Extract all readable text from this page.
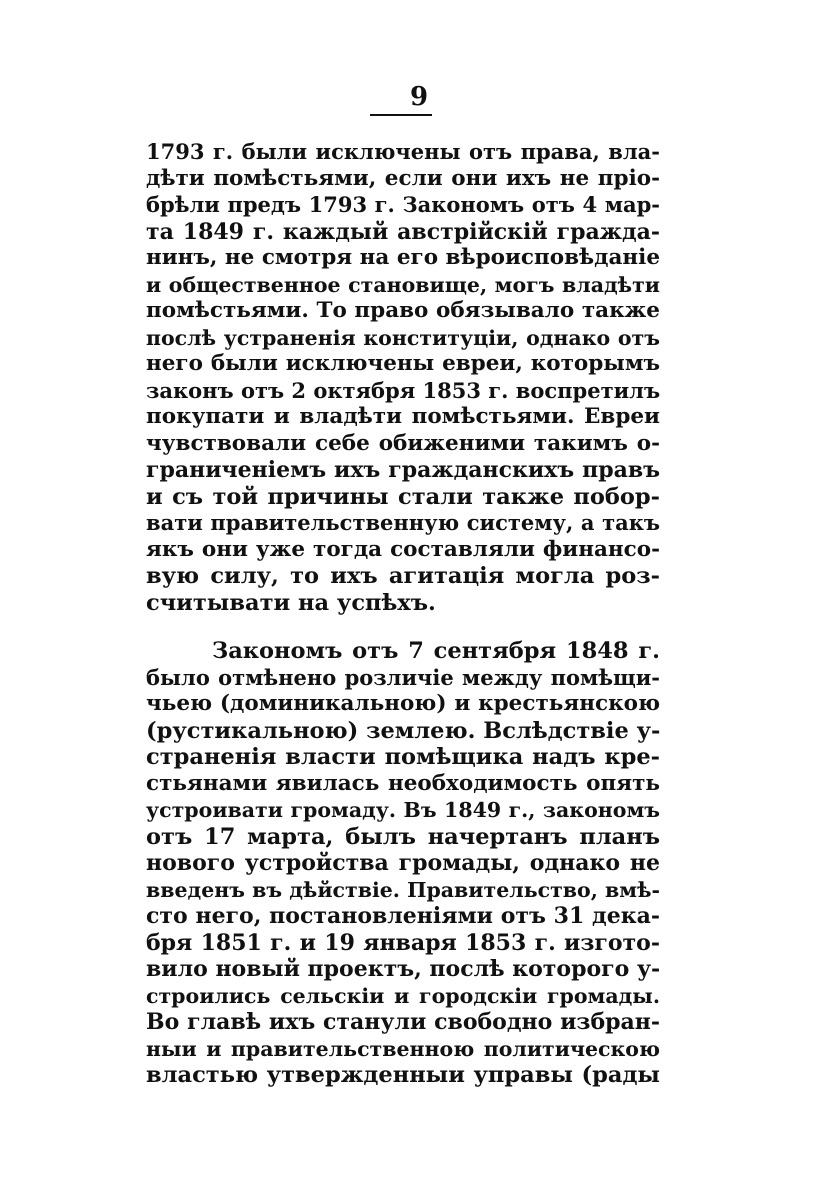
9
1793 г. были исключены отъ права, вла-
дѣти помѣстьями, если они ихъ не прiо-
брѣли предъ 1793 г. Закономъ отъ 4 мар-
та 1849 г. каждый австрiйскiй гражда-
нинъ, не смотря на его вѣроисповѣданiе
и общественное становище, могъ владѣти
помѣстьями. То право обязывало также
послѣ устраненiя конституцiи, однако отъ
него были исключены евреи, которымъ
законъ отъ 2 октября 1853 г. воспретилъ
покупати и владѣти помѣстьями. Евреи
чувствовали себе обиженими такимъ о-
граниченiемъ ихъ гражданскихъ правъ
и съ той причины стали также побор-
вати правительственную систему, а такъ
якъ они уже тогда составляли финансо-
вую силу, то ихъ агитацiя могла роз-
считывати на успѣхъ.
Закономъ отъ 7 сентября 1848 г.
было отмѣнено розличiе между помѣщи-
чьею (доминикальною) и крестьянскою
(рустикальною) землею. Вслѣдствiе у-
страненiя власти помѣщика надъ кре-
стьянами явилась необходимость опять
устроивати громаду. Въ 1849 г., закономъ
отъ 17 марта, былъ начертанъ планъ
нового устройства громады, однако не
введенъ въ дѣйствiе. Правительство, вмѣ-
сто него, постановленiями отъ 31 дека-
бря 1851 г. и 19 января 1853 г. изгото-
вило новый проектъ, послѣ которого у-
строились сельскiи и городскiи громады.
Во главѣ ихъ станули свободно избран-
ныи и правительственною политическою
властью утвержденныи управы (рады
